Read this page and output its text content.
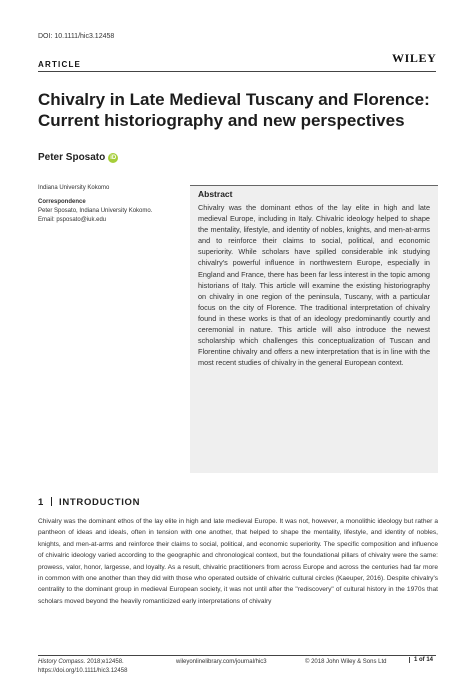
DOI: 10.1111/hic3.12458
ARTICLE	WILEY
Chivalry in Late Medieval Tuscany and Florence:
Current historiography and new perspectives
Peter Sposato iD
Indiana University Kokomo
Correspondence
Peter Sposato, Indiana University Kokomo.
Email: psposato@iuk.edu
Abstract
Chivalry was the dominant ethos of the lay elite in high and late medieval Europe, including in Italy. Chivalric ideology helped to shape the mentality, lifestyle, and identity of nobles, knights, and men-at-arms and to reinforce their claims to social, political, and economic superiority. While scholars have spilled considerable ink studying chivalry's powerful influence in northwestern Europe, especially in England and France, there has been far less interest in the topic among historians of Italy. This article will examine the existing historiography on chivalry in one region of the peninsula, Tuscany, with a particular focus on the city of Florence. The traditional interpretation of chivalry found in these works is that of an ideology predominantly courtly and ceremonial in nature. This article will also introduce the newest scholarship which challenges this conceptualization of Tuscan and Florentine chivalry and offers a new interpretation that is in line with the most recent studies of chivalry in the general European context.
1 INTRODUCTION
Chivalry was the dominant ethos of the lay elite in high and late medieval Europe. It was not, however, a monolithic ideology but rather a pantheon of ideas and ideals, often in tension with one another, that helped to shape the mentality, lifestyle, and identity of nobles, knights, and men-at-arms and reinforce their claims to social, political, and economic superiority. The specific composition and influence of chivalric ideology varied according to the geographic and chronological context, but the foundational pillars of chivalry were the same: prowess, valor, honor, largesse, and loyalty. As a result, chivalric practitioners from across Europe and across the centuries had far more in common with one another than they did with those who operated outside of chivalric cultural circles (Kaeuper, 2016). Despite chivalry's centrality to the dominant group in medieval European society, it was not until after the "rediscovery" of cultural history in the 1970s that scholars moved beyond the heavily romanticized early interpretations of chivalry
History Compass. 2018;e12458.
https://doi.org/10.1111/hic3.12458
wileyonlinelibrary.com/journal/hic3	© 2018 John Wiley & Sons Ltd	1 of 14
